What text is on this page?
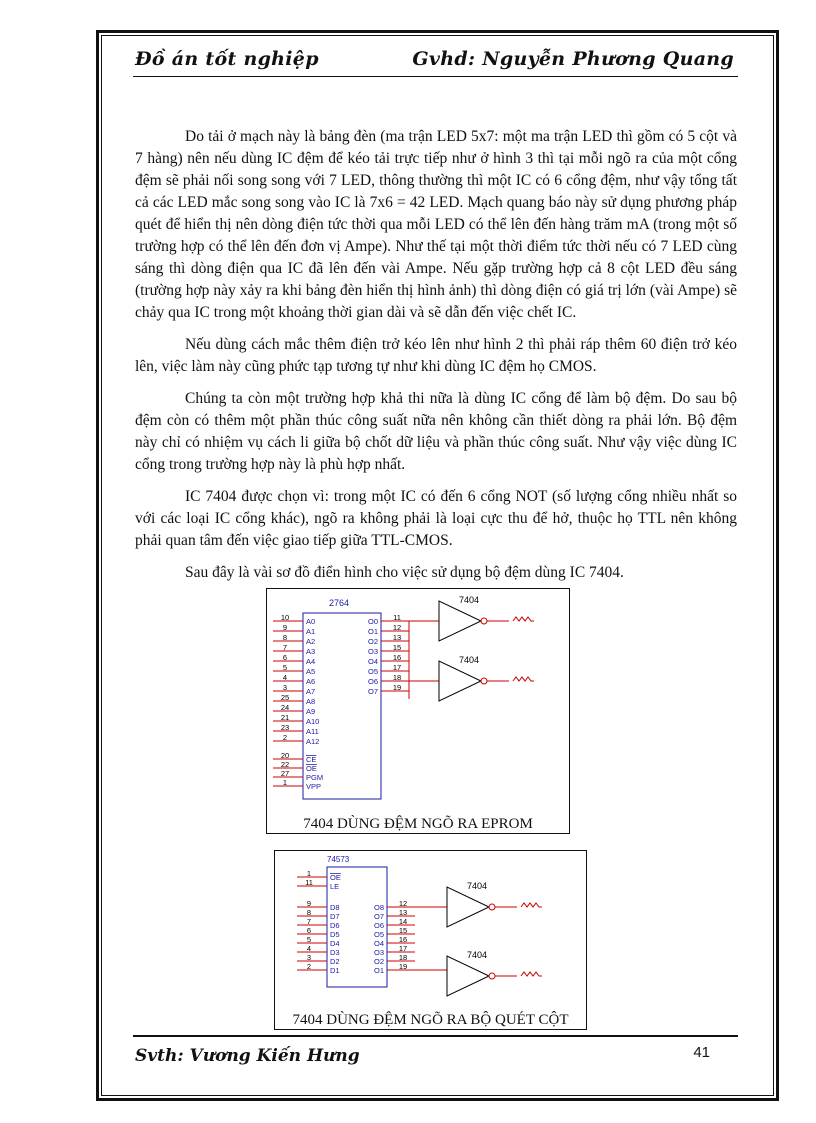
Đồ án tốt nghiệp	Gvhd: Nguyễn Phương Quang

Do tải ở mạch này là bảng đèn (ma trận LED 5x7: một ma trận LED thì gồm có 5 cột và 7 hàng) nên nếu dùng IC đệm để kéo tải trực tiếp như ở hình 3 thì tại mỗi ngõ ra của một cổng đệm sẽ phải nối song song với 7 LED, thông thường thì một IC có 6 cổng đệm, như vậy tổng tất cả các LED mắc song song vào IC là 7x6 = 42 LED. Mạch quang báo này sử dụng phương pháp quét để hiển thị nên dòng điện tức thời qua mỗi LED có thể lên đến hàng trăm mA (trong một số trường hợp có thể lên đến đơn vị Ampe). Như thế tại một thời điểm tức thời nếu có 7 LED cùng sáng thì dòng điện qua IC đã lên đến vài Ampe. Nếu gặp trường hợp cả 8 cột LED đều sáng (trường hợp này xảy ra khi bảng đèn hiển thị hình ảnh) thì dòng điện có giá trị lớn (vài Ampe) sẽ chảy qua IC trong một khoảng thời gian dài và sẽ dẫn đến việc chết IC.

Nếu dùng cách mắc thêm điện trở kéo lên như hình 2 thì phải ráp thêm 60 điện trở kéo lên, việc làm này cũng phức tạp tương tự như khi dùng IC đệm họ CMOS.

Chúng ta còn một trường hợp khả thi nữa là dùng IC cổng để làm bộ đệm. Do sau bộ đệm còn có thêm một phần thúc công suất nữa nên không cần thiết dòng ra phải lớn. Bộ đệm này chỉ có nhiệm vụ cách li giữa bộ chốt dữ liệu và phần thúc công suất. Như vậy việc dùng IC cổng trong trường hợp này là phù hợp nhất.

IC 7404 được chọn vì: trong một IC có đến 6 cổng NOT (số lượng cổng nhiều nhất so với các loại IC cổng khác), ngõ ra không phải là loại cực thu để hở, thuộc họ TTL nên không phải quan tâm đến việc giao tiếp giữa TTL-CMOS.

Sau đây là vài sơ đồ điển hình cho việc sử dụng bộ đệm dùng IC 7404.

2764
10 A0
9	A1
8	A2
7	A3
6	A4
5	A5
4	A6
3	A7
25 A8
24 A9
21 A10
23 A11
2	A12
20 CE
22 OE
27 PGM
1	VPP
11
O0
12
O1
13
O2
15
O3
16
O4
17
O5
18
O6
19
O7
7404
7404
7404 DÙNG ĐỆM NGÕ RA EPROM
74573
1	OE
11 LE
9	D8
8	D7
7	D6
6	D5
5	D4
4	D3
3	D2
2	D1
12
O8
13
O7
14
O6
15
O5
16
O4
17
O3
18
O2
19
O1
7404
7404
7404 DÙNG ĐỆM NGÕ RA BỘ QUÉT CỘT
Svth: Vương Kiến Hưng	41
